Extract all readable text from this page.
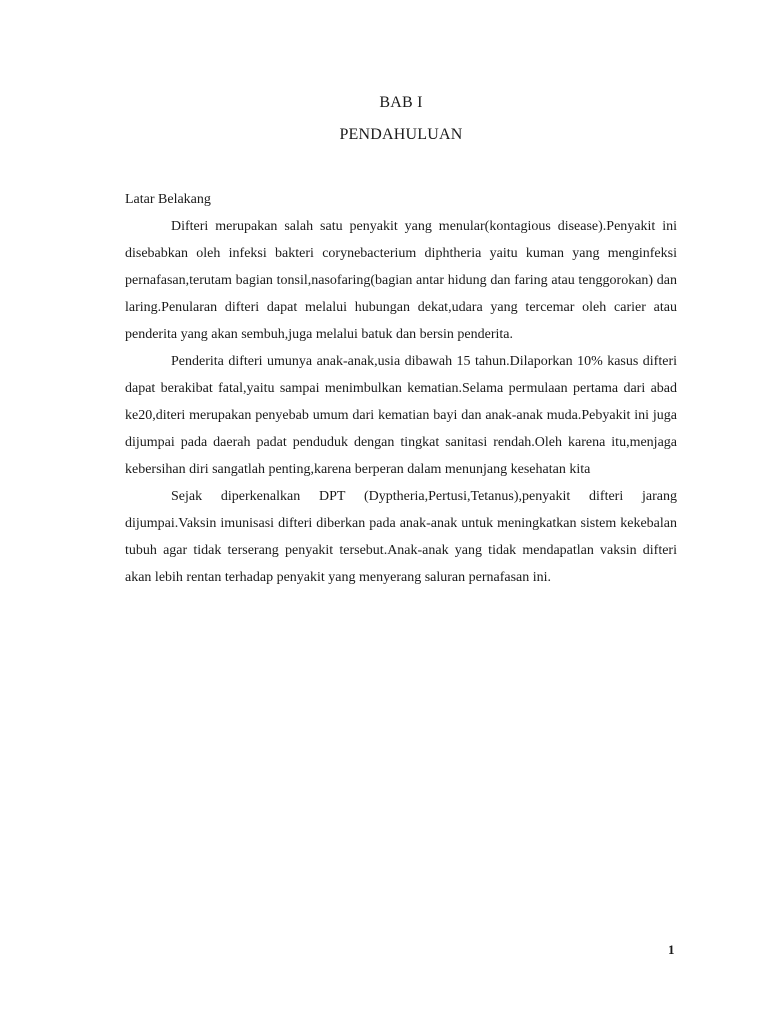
BAB I
PENDAHULUAN

Latar Belakang

Difteri merupakan salah satu penyakit yang menular(kontagious disease).Penyakit ini disebabkan oleh infeksi bakteri corynebacterium diphtheria yaitu kuman yang menginfeksi pernafasan,terutam bagian tonsil,nasofaring(bagian antar hidung dan faring atau tenggorokan) dan laring.Penularan difteri dapat melalui hubungan dekat,udara yang tercemar oleh carier atau penderita yang akan sembuh,juga melalui batuk dan bersin penderita.

Penderita difteri umunya anak-anak,usia dibawah 15 tahun.Dilaporkan 10% kasus difteri dapat berakibat fatal,yaitu sampai menimbulkan kematian.Selama permulaan pertama dari abad ke20,diteri merupakan penyebab umum dari kematian bayi dan anak-anak muda.Pebyakit ini juga dijumpai pada daerah padat penduduk dengan tingkat sanitasi rendah.Oleh karena itu,menjaga kebersihan diri sangatlah penting,karena berperan dalam menunjang kesehatan kita

Sejak diperkenalkan DPT (Dyptheria,Pertusi,Tetanus),penyakit difteri jarang dijumpai.Vaksin imunisasi difteri diberkan pada anak-anak untuk meningkatkan sistem kekebalan tubuh agar tidak terserang penyakit tersebut.Anak-anak yang tidak mendapatlan vaksin difteri akan lebih rentan terhadap penyakit yang menyerang saluran pernafasan ini.

1
